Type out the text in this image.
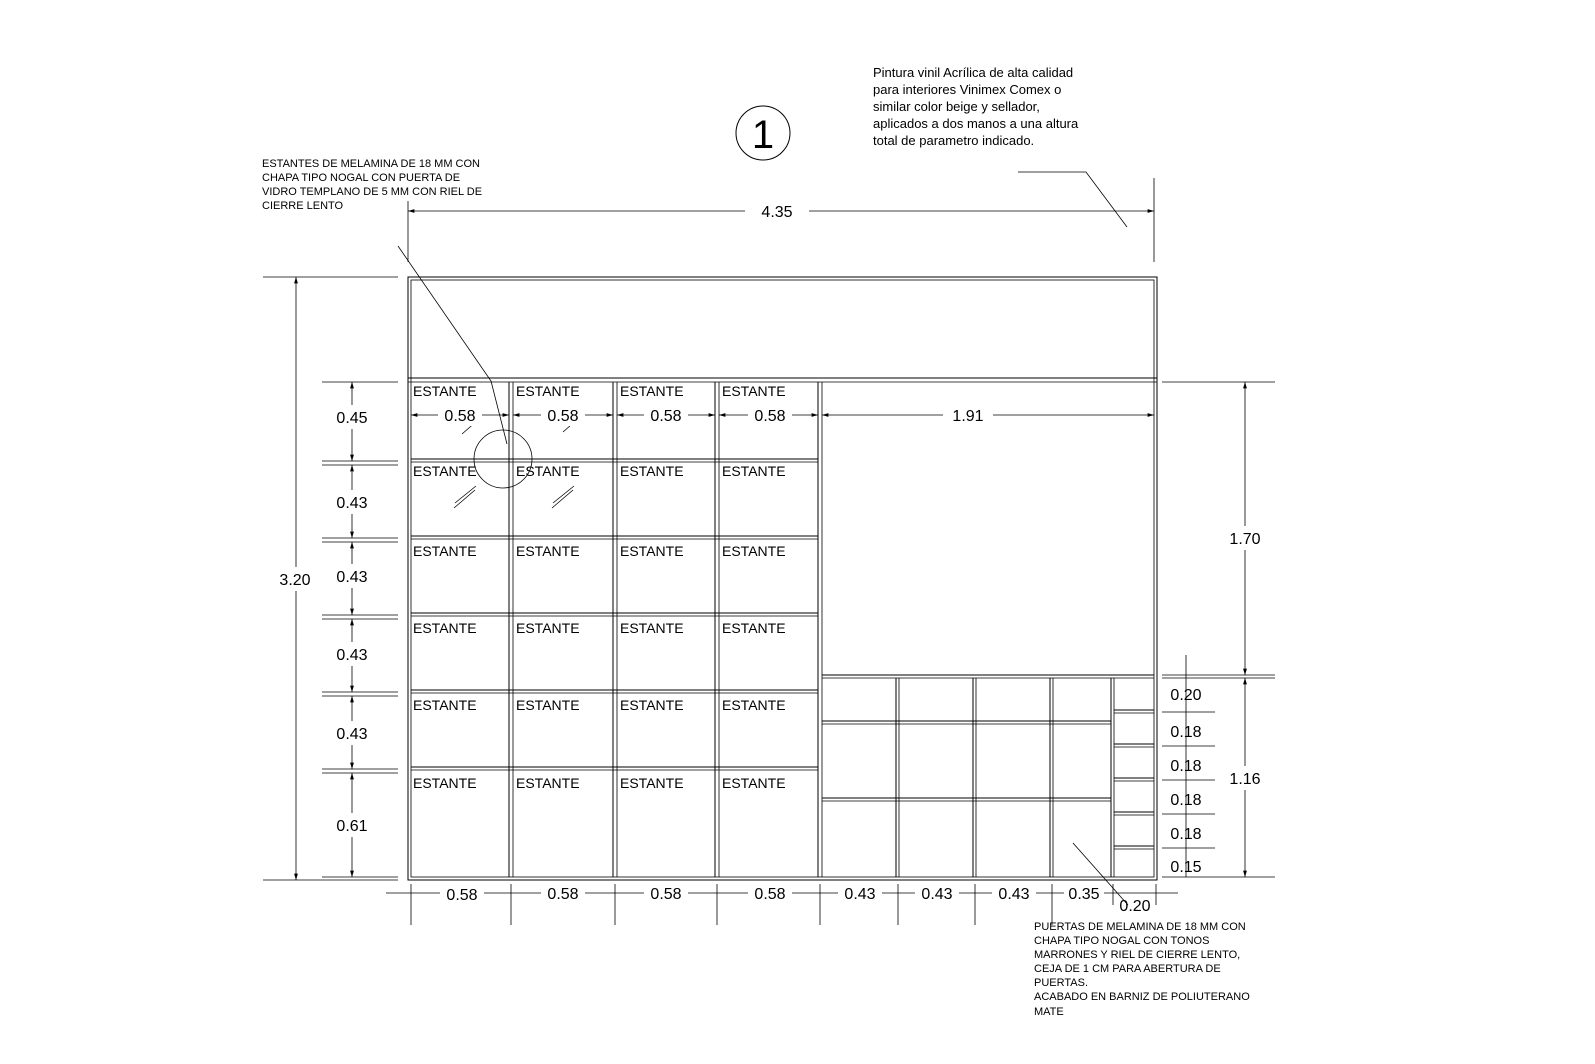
1
Pintura vinil Acrílica de alta calidad
para interiores Vinimex Comex o
similar color beige y sellador,
aplicados a dos manos a una altura
total de parametro indicado.
ESTANTES DE MELAMINA DE 18 MM CON
CHAPA TIPO NOGAL CON PUERTA DE
VIDRO TEMPLANO DE 5 MM CON RIEL DE
CIERRE LENTO
PUERTAS DE MELAMINA DE 18 MM CON
CHAPA TIPO NOGAL CON TONOS
MARRONES Y RIEL DE CIERRE LENTO,
CEJA DE 1 CM PARA ABERTURA DE
PUERTAS.
ACABADO EN BARNIZ DE POLIUTERANO
MATE
ESTANTE	ESTANTE	ESTANTE	ESTANTE
ESTANTE	ESTANTE	ESTANTE	ESTANTE
ESTANTE	ESTANTE	ESTANTE	ESTANTE
ESTANTE	ESTANTE	ESTANTE	ESTANTE
ESTANTE	ESTANTE	ESTANTE	ESTANTE
ESTANTE	ESTANTE	ESTANTE	ESTANTE
4.35
3.20
0.45
0.43
0.43
0.43
0.43
0.61
0.58	0.58	0.58	0.58	1.91
1.70
1.16
0.20
0.18
0.18
0.18
0.18
0.15
0.58	0.58	0.58	0.58	0.43	0.43	0.43 0.35
0.20
